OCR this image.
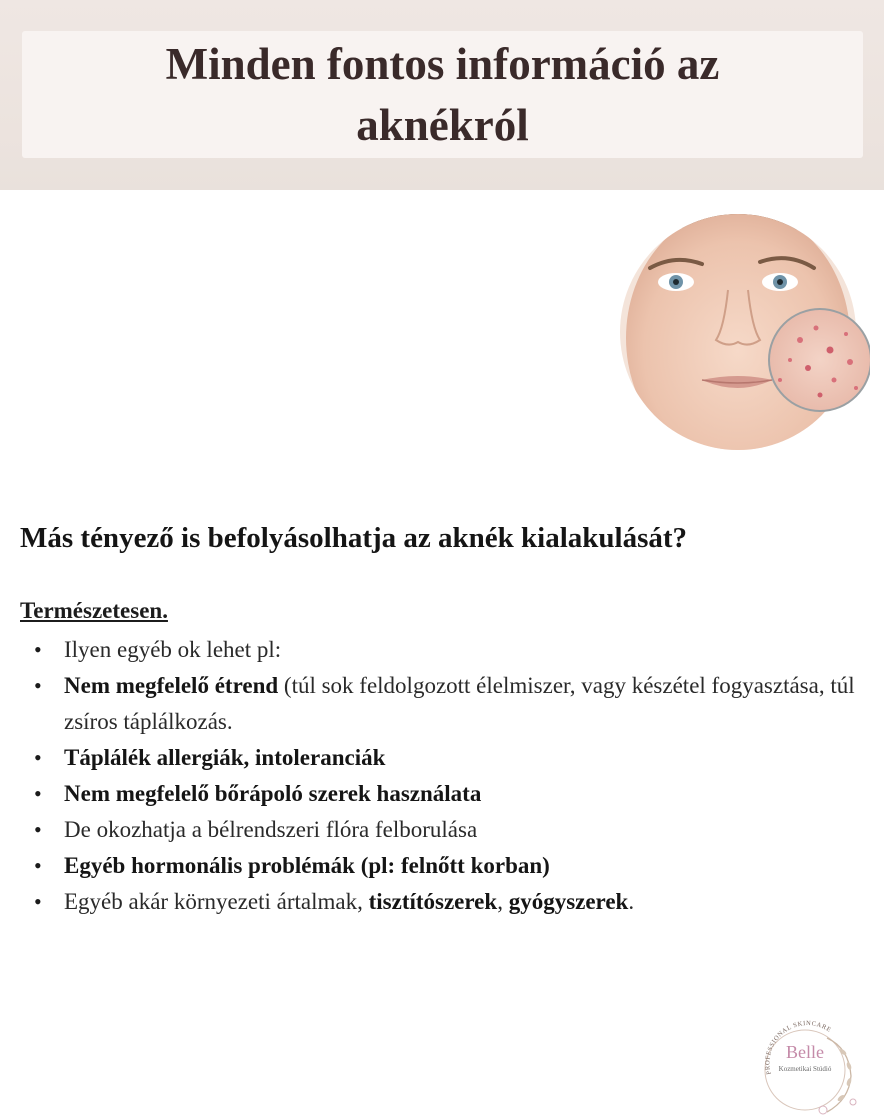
Minden fontos információ az aknékról
Más tényező is befolyásolhatja az aknék kialakulását?
Természetesen.
• Ilyen egyéb ok lehet pl:
• Nem megfelelő étrend (túl sok feldolgozott élelmiszer, vagy készétel fogyasztása, túl zsíros táplálkozás.
• Táplálék allergiák, intoleranciák
• Nem megfelelő bőrápoló szerek használata
• De okozhatja a bélrendszeri flóra felborulása
• Egyéb hormonális problémák (pl: felnőtt korban)
• Egyéb akár környezeti ártalmak, tisztítószerek, gyógyszerek.
PROFESSIONAL SKINCARE
Belle
Kozmetikai Stúdió
